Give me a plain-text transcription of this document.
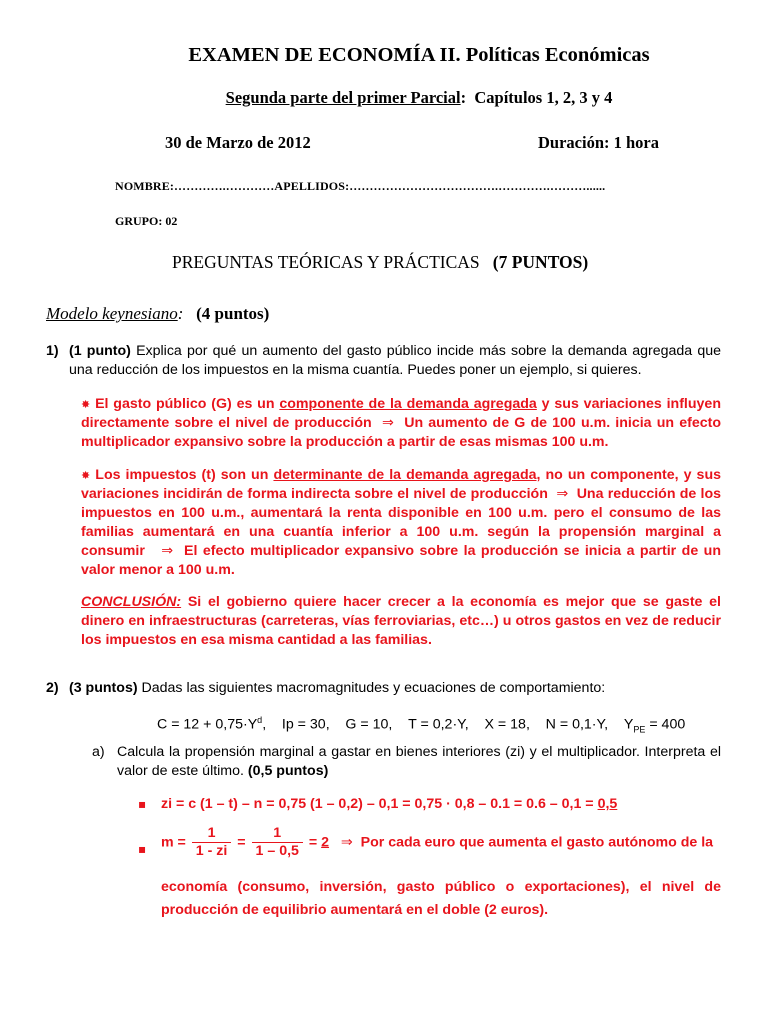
EXAMEN DE ECONOMÍA II. Políticas Económicas
Segunda parte del primer Parcial: Capítulos 1, 2, 3 y 4
30 de Marzo de 2012	Duración: 1 hora
NOMBRE:………….…………APELLIDOS:……………………………….………….………......
GRUPO: 02
PREGUNTAS TEÓRICAS Y PRÁCTICAS (7 PUNTOS)
Modelo keynesiano: (4 puntos)
1) (1 punto) Explica por qué un aumento del gasto público incide más sobre la demanda agregada que una reducción de los impuestos en la misma cuantía. Puedes poner un ejemplo, si quieres.
✸ El gasto público (G) es un componente de la demanda agregada y sus variaciones influyen directamente sobre el nivel de producción ⇒ Un aumento de G de 100 u.m. inicia un efecto multiplicador expansivo sobre la producción a partir de esas mismas 100 u.m.
✸ Los impuestos (t) son un determinante de la demanda agregada, no un componente, y sus variaciones incidirán de forma indirecta sobre el nivel de producción ⇒ Una reducción de los impuestos en 100 u.m., aumentará la renta disponible en 100 u.m. pero el consumo de las familias aumentará en una cuantía inferior a 100 u.m. según la propensión marginal a consumir ⇒ El efecto multiplicador expansivo sobre la producción se inicia a partir de un valor menor a 100 u.m.
CONCLUSIÓN: Si el gobierno quiere hacer crecer a la economía es mejor que se gaste el dinero en infraestructuras (carreteras, vías ferroviarias, etc…) u otros gastos en vez de reducir los impuestos en esa misma cantidad a las familias.
2) (3 puntos) Dadas las siguientes macromagnitudes y ecuaciones de comportamiento:
$C = 12 + 0,75\cdot Y^d$,    Ip = 30, G = 10, T = 0,2·Y, X = 18, N = 0,1·Y, $Y_{PE} = 400$
a) Calcula la propensión marginal a gastar en bienes interiores (zi) y el multiplicador. Interpreta el valor de este último. (0,5 puntos)
▪ zi = c (1 – t) – n = 0,75 (1 – 0,2) – 0,1 = 0,75 · 0,8 – 0.1 = 0.6 – 0,1 = 0,5
▪ $m = \frac{1}{1 - zi} = \frac{1}{1 - 0,5} = 2$ ⇒ Por cada euro que aumenta el gasto autónomo de la
economía (consumo, inversión, gasto público o exportaciones), el nivel de producción de equilibrio aumentará en el doble (2 euros).
